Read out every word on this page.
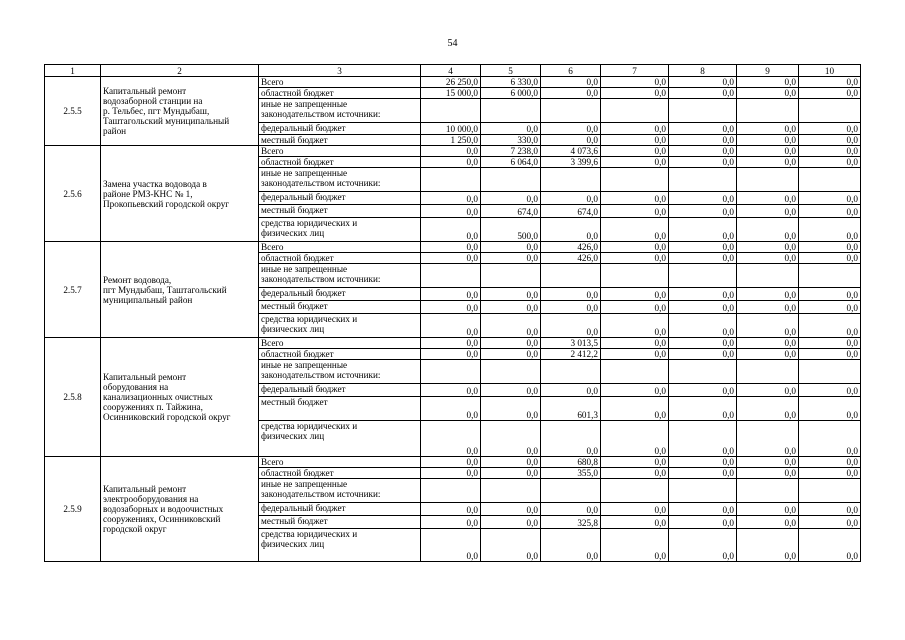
54
1	2	3	4	5	6	7	8	9	10
2.5.5	Капитальный ремонт
водозаборной станции на
р. Тельбес, пгт Мундыбаш,
Таштагольский муниципальный
район	Всего	26 250,0	6 330,0	0,0	0,0	0,0	0,0	0,0
		областной бюджет	15 000,0	6 000,0	0,0	0,0	0,0	0,0	0,0

		иные не запрещенные
законодательством источники:							

		федеральный бюджет	10 000,0	0,0	0,0	0,0	0,0	0,0	0,0
		местный бюджет	1 250,0	330,0	0,0	0,0	0,0	0,0	0,0
2.5.6	Замена участка водовода в
районе РМЗ-КНС № 1,
Прокопьевский городской округ	Всего	0,0	7 238,0	4 073,6	0,0	0,0	0,0	0,0
		областной бюджет	0,0	6 064,0	3 399,6	0,0	0,0	0,0	0,0

		иные не запрещенные
законодательством источники:							

		федеральный бюджет	0,0	0,0	0,0	0,0	0,0	0,0	0,0
		местный бюджет	0,0	674,0	674,0	0,0	0,0	0,0	0,0

		средства юридических и
физических лиц	0,0	500,0	0,0	0,0	0,0	0,0	0,0
2.5.7	Ремонт водовода,
пгт Мундыбаш, Таштагольский
муниципальный район	Всего	0,0	0,0	426,0	0,0	0,0	0,0	0,0
		областной бюджет	0,0	0,0	426,0	0,0	0,0	0,0	0,0

		иные не запрещенные
законодательством источники:							

		федеральный бюджет	0,0	0,0	0,0	0,0	0,0	0,0	0,0
		местный бюджет	0,0	0,0	0,0	0,0	0,0	0,0	0,0

		средства юридических и
физических лиц	0,0	0,0	0,0	0,0	0,0	0,0	0,0
2.5.8	Капитальный ремонт
оборудования на
канализационных очистных
сооружениях п. Тайжина,
Осинниковский городской округ	Всего	0,0	0,0	3 013,5	0,0	0,0	0,0	0,0
		областной бюджет	0,0	0,0	2 412,2	0,0	0,0	0,0	0,0

		иные не запрещенные
законодательством источники:							

		федеральный бюджет	0,0	0,0	0,0	0,0	0,0	0,0	0,0
		местный бюджет	0,0	0,0	601,3	0,0	0,0	0,0	0,0

		средства юридических и
физических лиц	0,0	0,0	0,0	0,0	0,0	0,0	0,0
2.5.9	Капитальный ремонт
электрооборудования на
водозаборных и водоочистных
сооружениях, Осинниковский
городской округ	Всего	0,0	0,0	680,8	0,0	0,0	0,0	0,0
		областной бюджет	0,0	0,0	355,0	0,0	0,0	0,0	0,0

		иные не запрещенные
законодательством источники:							

		федеральный бюджет	0,0	0,0	0,0	0,0	0,0	0,0	0,0
		местный бюджет	0,0	0,0	325,8	0,0	0,0	0,0	0,0

		средства юридических и
физических лиц	0,0	0,0	0,0	0,0	0,0	0,0	0,0
